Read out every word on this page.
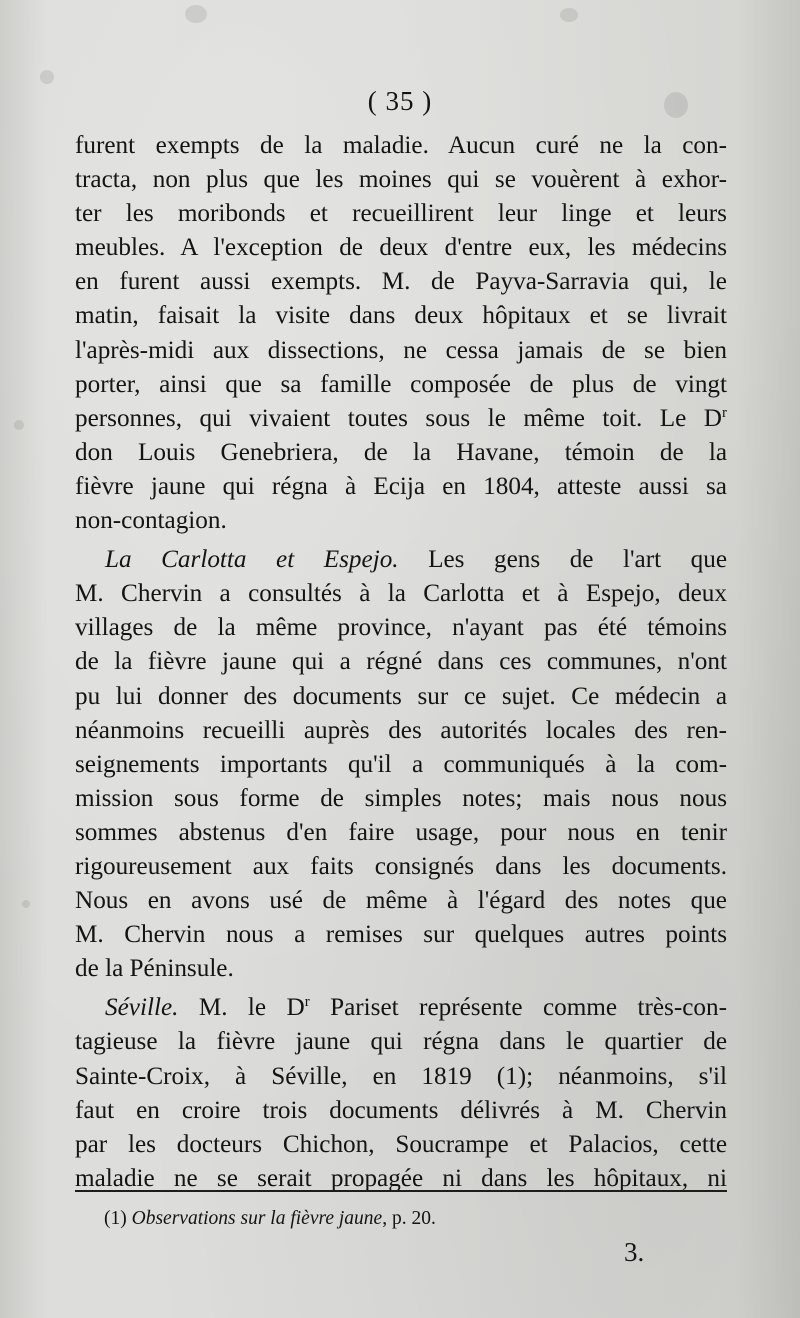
( 35 )
furent exempts de la maladie. Aucun curé ne la con-
tracta, non plus que les moines qui se vouèrent à exhor-
ter les moribonds et recueillirent leur linge et leurs
meubles. A l'exception de deux d'entre eux, les médecins
en furent aussi exempts. M. de Payva-Sarravia qui, le
matin, faisait la visite dans deux hôpitaux et se livrait
l'après-midi aux dissections, ne cessa jamais de se bien
porter, ainsi que sa famille composée de plus de vingt
personnes, qui vivaient toutes sous le même toit. Le $D^r$
don Louis Genebriera, de la Havane, témoin de la
fièvre jaune qui régna à Ecija en 1804, atteste aussi sa
non-contagion.
La Carlotta et Espejo. Les gens de l'art que
M. Chervin a consultés à la Carlotta et à Espejo, deux
villages de la même province, n'ayant pas été témoins
de la fièvre jaune qui a régné dans ces communes, n'ont
pu lui donner des documents sur ce sujet. Ce médecin a
néanmoins recueilli auprès des autorités locales des ren-
seignements importants qu'il a communiqués à la com-
mission sous forme de simples notes; mais nous nous
sommes abstenus d'en faire usage, pour nous en tenir
rigoureusement aux faits consignés dans les documents.
Nous en avons usé de même à l'égard des notes que
M. Chervin nous a remises sur quelques autres points
de la Péninsule.
Séville. M. le $D^r$ Pariset représente comme très-con-
tagieuse la fièvre jaune qui régna dans le quartier de
Sainte-Croix, à Séville, en 1819 (1); néanmoins, s'il
faut en croire trois documents délivrés à M. Chervin
par les docteurs Chichon, Soucrampe et Palacios, cette
maladie ne se serait propagée ni dans les hôpitaux, ni
(1) Observations sur la fièvre jaune, p. 20.
3.
